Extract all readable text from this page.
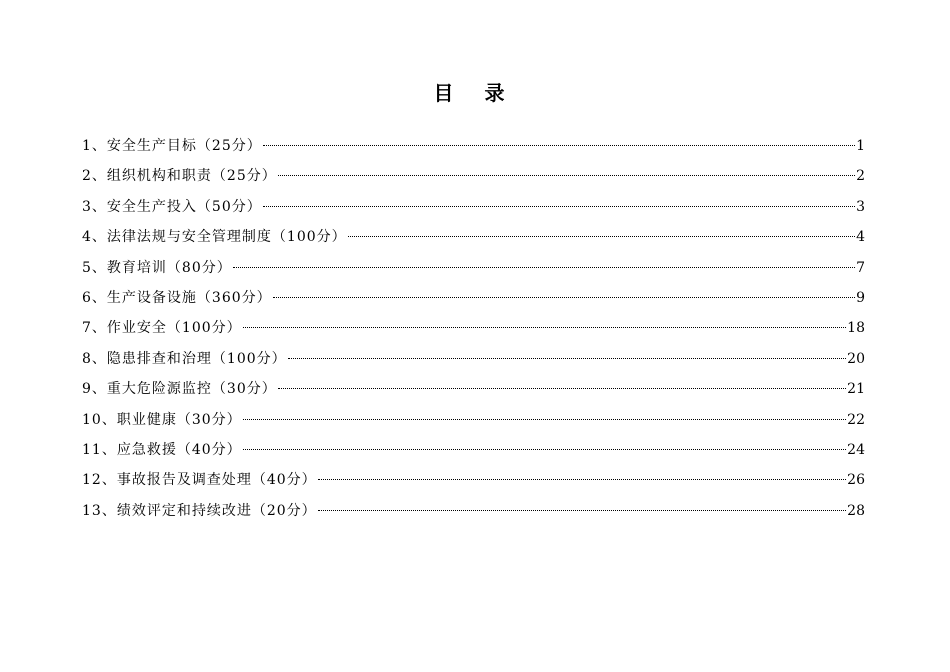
目 录
1、安全生产目标（25分）	1
2、组织机构和职责（25分）	2
3、安全生产投入（50分）	3
4、法律法规与安全管理制度（100分）	4
5、教育培训（80分）	7
6、生产设备设施（360分）	9
7、作业安全（100分）	18
8、隐患排查和治理（100分）	20
9、重大危险源监控（30分）	21
10、职业健康（30分）	22
11、应急救援（40分）	24
12、事故报告及调查处理（40分）	26
13、绩效评定和持续改进（20分）	28
